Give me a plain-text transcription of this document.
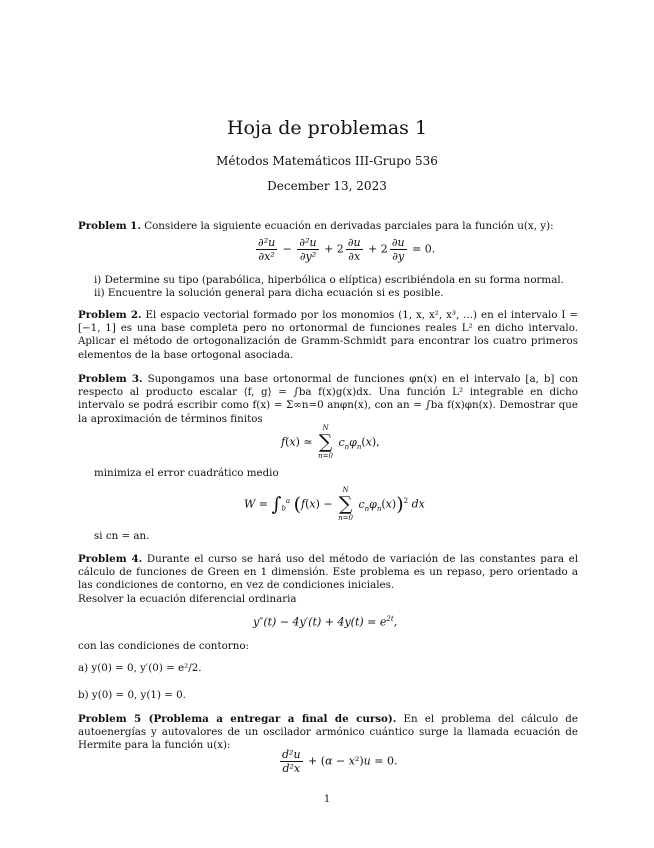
Hoja de problemas 1
Métodos Matemáticos III-Grupo 536
December 13, 2023
Problem 1. Considere la siguiente ecuación en derivadas parciales para la función u(x, y):
$\frac{\text{∂²u}}{\text{∂x²}} - \frac{\text{∂²u}}{\text{∂y²}} + 2 \frac{\partial u}{\partial x} + 2 \frac{\partial u}{\partial y} = 0$.
i) Determine su tipo (parabólica, hiperbólica o elíptica) escribiéndola en su forma normal.
ii) Encuentre la solución general para dicha ecuación si es posible.
Problem 2. El espacio vectorial formado por los monomios (1, x, x², x³, ...) en el intervalo I = [−1, 1] es una base completa pero no ortonormal de funciones reales L² en dicho intervalo. Aplicar el método de ortogonalización de Gramm-Schmidt para encontrar los cuatro primeros elementos de la base ortogonal asociada.
Problem 3. Supongamos una base ortonormal de funciones φn(x) en el intervalo [a, b] con respecto al producto escalar ⟨f, g⟩ = ∫ba f(x)g(x)dx. Una función L² integrable en dicho intervalo se podrá escribir como f(x) = Σ∞n=0 anφn(x), con an = ∫ba f(x)φn(x). Demostrar que la aproximación de términos finitos
f(x) ≃
N
∑
n=0
$c_n\varphi_n(x)$,
minimiza el error cuadrático medio
$W = \int_b^a$ (f(x) −
N
∑
n=0
$c_n\varphi_n(x))^2$ dx
si cn = an.
Problem 4. Durante el curso se hará uso del método de variación de las constantes para el cálculo de funciones de Green en 1 dimensión. Este problema es un repaso, pero orientado a las condiciones de contorno, en vez de condiciones iniciales.
Resolver la ecuación diferencial ordinaria
$y''(t) - 4y'(t) + 4y(t) = e^{2t}$,
con las condiciones de contorno:
a) y(0) = 0, y′(0) = e²/2.
b) y(0) = 0, y(1) = 0.
Problem 5 (Problema a entregar a final de curso). En el problema del cálculo de autoenergías y autovalores de un oscilador armónico cuántico surge la llamada ecuación de Hermite para la función u(x):
$\frac{\text{d²u}}{\text{d²x}} + (\alpha - x^2)u = 0$.
1
